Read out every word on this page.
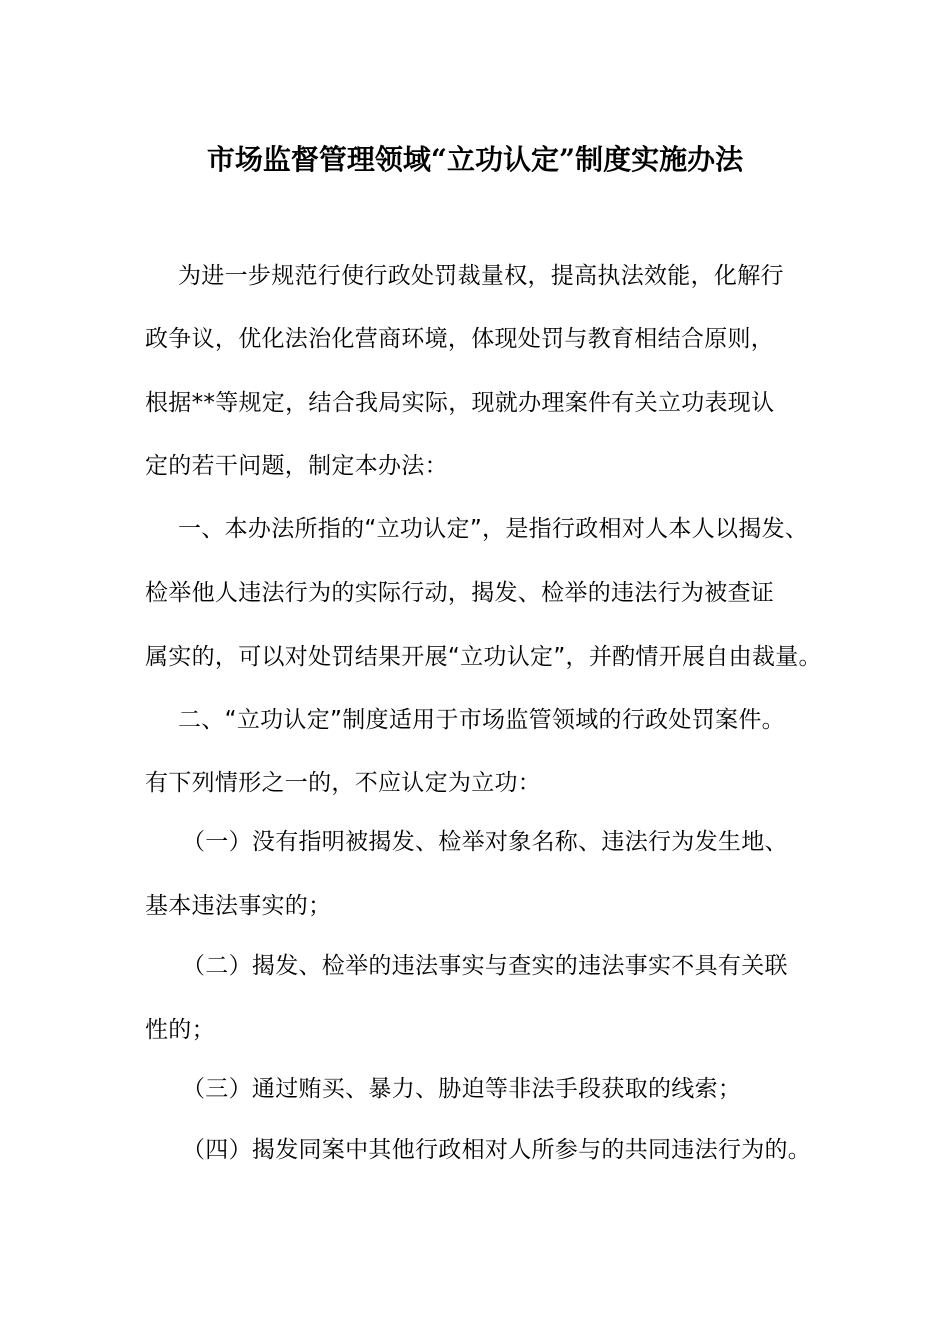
市场监督管理领域“立功认定”制度实施办法
为进一步规范行使行政处罚裁量权，提高执法效能，化解行
政争议，优化法治化营商环境，体现处罚与教育相结合原则，
根据**等规定，结合我局实际，现就办理案件有关立功表现认
定的若干问题，制定本办法：
一、本办法所指的“立功认定”，是指行政相对人本人以揭发、
检举他人违法行为的实际行动，揭发、检举的违法行为被查证
属实的，可以对处罚结果开展“立功认定”，并酌情开展自由裁量。
二、“立功认定”制度适用于市场监管领域的行政处罚案件。
有下列情形之一的，不应认定为立功：
（一）没有指明被揭发、检举对象名称、违法行为发生地、
基本违法事实的；
（二）揭发、检举的违法事实与查实的违法事实不具有关联
性的；
（三）通过贿买、暴力、胁迫等非法手段获取的线索；
（四）揭发同案中其他行政相对人所参与的共同违法行为的。
